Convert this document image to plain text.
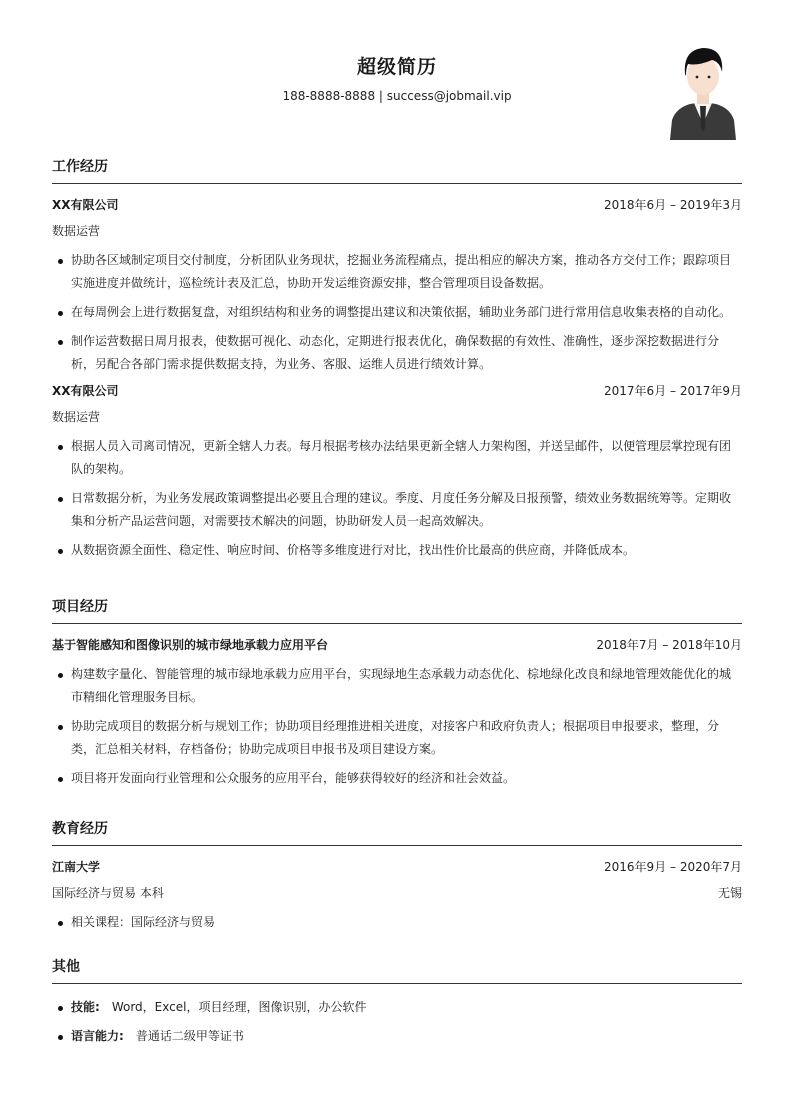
超级简历
188-8888-8888 | success@jobmail.vip
工作经历
XX有限公司	2018年6月 – 2019年3月
数据运营
协助各区域制定项目交付制度，分析团队业务现状，挖掘业务流程痛点，提出相应的解决方案，推动各方交付工作；跟踪项目实施进度并做统计，巡检统计表及汇总，协助开发运维资源安排，整合管理项目设备数据。
在每周例会上进行数据复盘，对组织结构和业务的调整提出建议和决策依据，辅助业务部门进行常用信息收集表格的自动化。
制作运营数据日周月报表，使数据可视化、动态化，定期进行报表优化，确保数据的有效性、准确性，逐步深挖数据进行分析，另配合各部门需求提供数据支持，为业务、客服、运维人员进行绩效计算。
XX有限公司	2017年6月 – 2017年9月
数据运营
根据人员入司离司情况，更新全辖人力表。每月根据考核办法结果更新全辖人力架构图，并送呈邮件，以便管理层掌控现有团队的架构。
日常数据分析，为业务发展政策调整提出必要且合理的建议。季度、月度任务分解及日报预警，绩效业务数据统筹等。定期收集和分析产品运营问题，对需要技术解决的问题，协助研发人员一起高效解决。
从数据资源全面性、稳定性、响应时间、价格等多维度进行对比，找出性价比最高的供应商，并降低成本。
项目经历
基于智能感知和图像识别的城市绿地承载力应用平台	2018年7月 – 2018年10月
构建数字量化、智能管理的城市绿地承载力应用平台，实现绿地生态承载力动态优化、棕地绿化改良和绿地管理效能优化的城市精细化管理服务目标。
协助完成项目的数据分析与规划工作；协助项目经理推进相关进度，对接客户和政府负责人；根据项目申报要求，整理，分类，汇总相关材料，存档备份；协助完成项目申报书及项目建设方案。
项目将开发面向行业管理和公众服务的应用平台，能够获得较好的经济和社会效益。
教育经历
江南大学	2016年9月 – 2020年7月
国际经济与贸易 本科	无锡
相关课程：国际经济与贸易
其他
技能: Word，Excel，项目经理，图像识别，办公软件
语言能力: 普通话二级甲等证书
